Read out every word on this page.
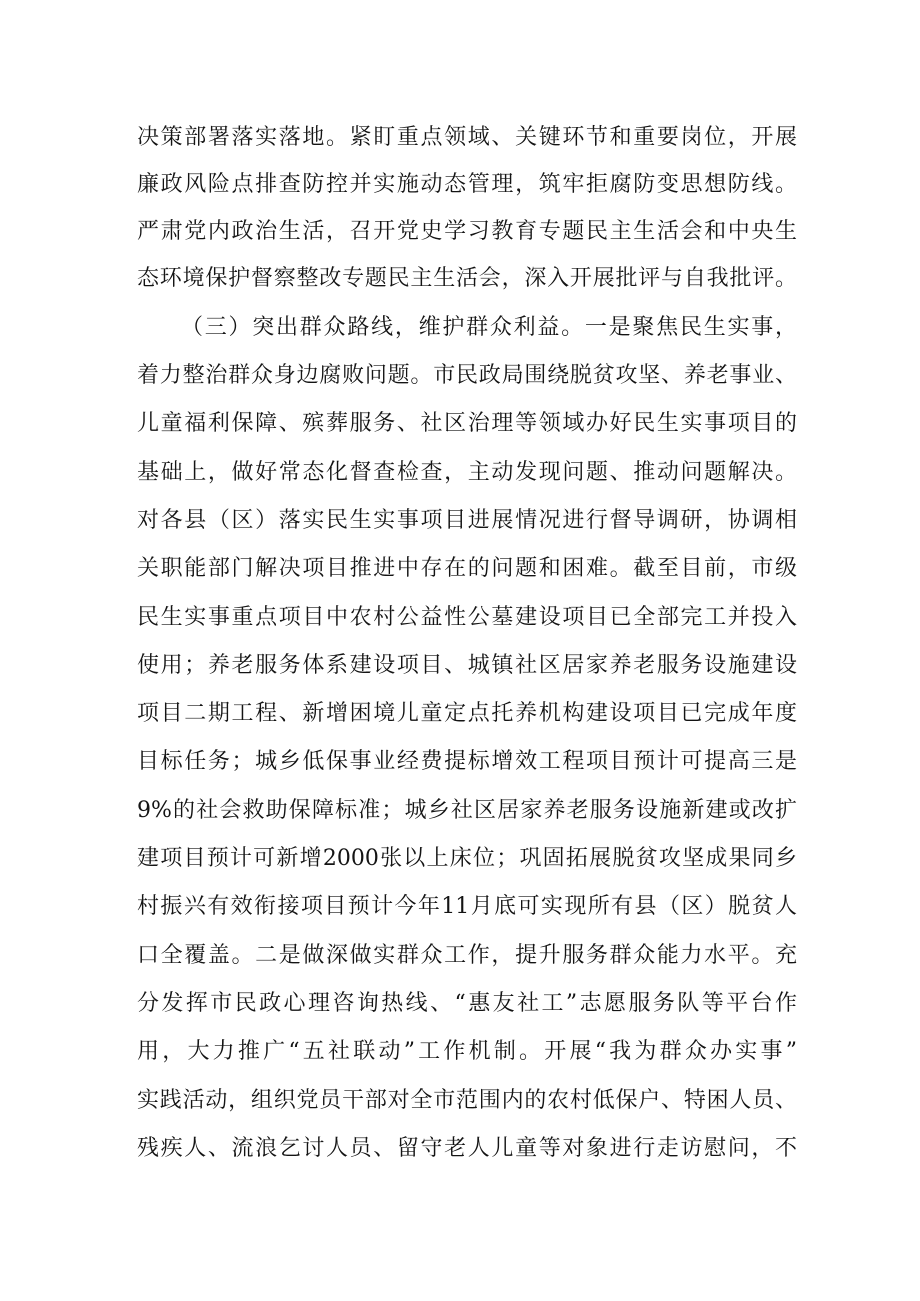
决策部署落实落地。紧盯重点领域、关键环节和重要岗位，开展
廉政风险点排查防控并实施动态管理，筑牢拒腐防变思想防线。
严肃党内政治生活，召开党史学习教育专题民主生活会和中央生
态环境保护督察整改专题民主生活会，深入开展批评与自我批评。
（三）突出群众路线，维护群众利益。一是聚焦民生实事，
着力整治群众身边腐败问题。市民政局围绕脱贫攻坚、养老事业、
儿童福利保障、殡葬服务、社区治理等领域办好民生实事项目的
基础上，做好常态化督查检查，主动发现问题、推动问题解决。
对各县（区）落实民生实事项目进展情况进行督导调研，协调相
关职能部门解决项目推进中存在的问题和困难。截至目前，市级
民生实事重点项目中农村公益性公墓建设项目已全部完工并投入
使用；养老服务体系建设项目、城镇社区居家养老服务设施建设
项目二期工程、新增困境儿童定点托养机构建设项目已完成年度
目标任务；城乡低保事业经费提标增效工程项目预计可提高三是
9%的社会救助保障标准；城乡社区居家养老服务设施新建或改扩
建项目预计可新增2000张以上床位；巩固拓展脱贫攻坚成果同乡
村振兴有效衔接项目预计今年11月底可实现所有县（区）脱贫人
口全覆盖。二是做深做实群众工作，提升服务群众能力水平。充
分发挥市民政心理咨询热线、“惠友社工”志愿服务队等平台作
用，大力推广“五社联动”工作机制。开展“我为群众办实事”
实践活动，组织党员干部对全市范围内的农村低保户、特困人员、
残疾人、流浪乞讨人员、留守老人儿童等对象进行走访慰问，不
